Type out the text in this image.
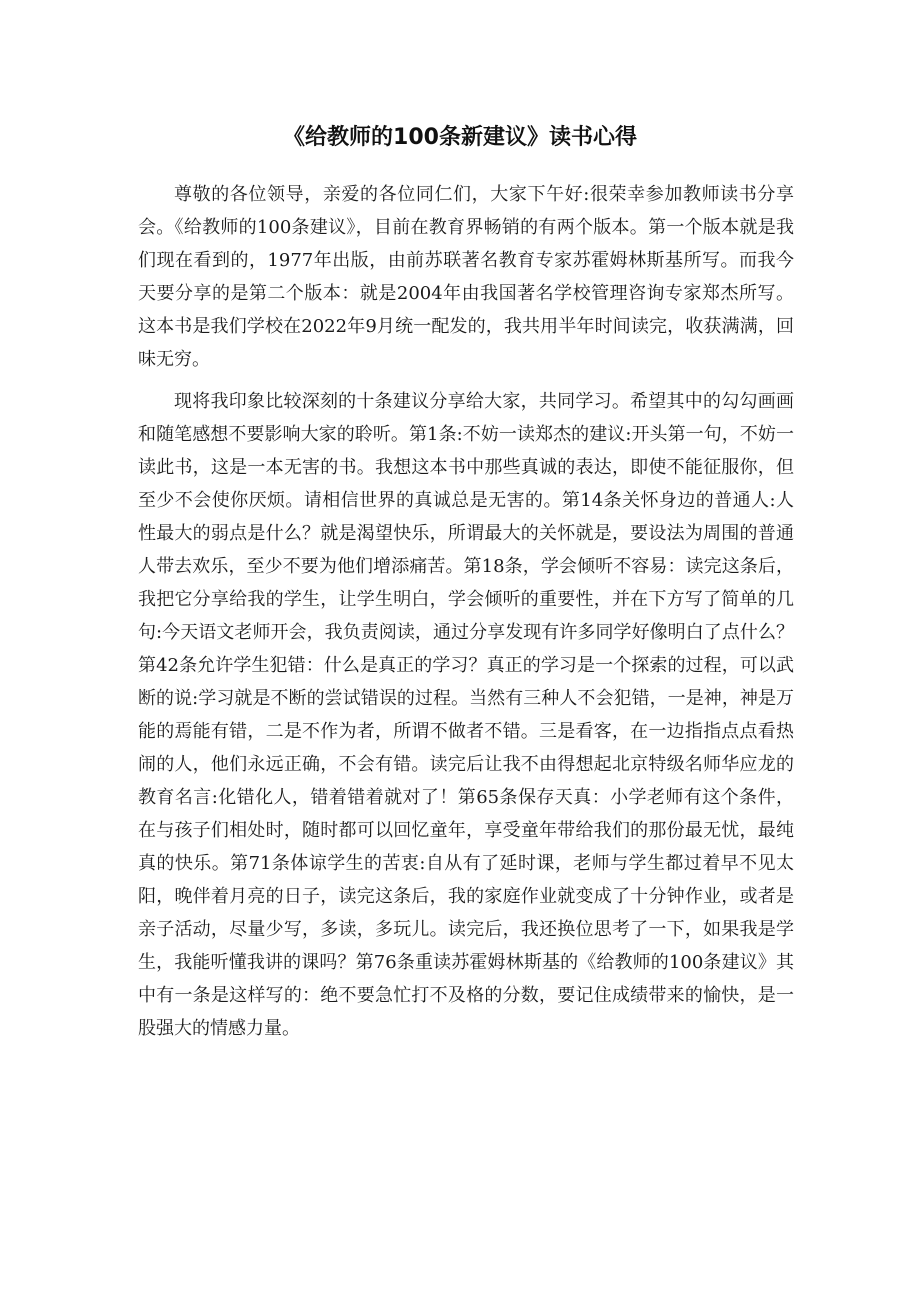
《给教师的100条新建议》读书心得

尊敬的各位领导，亲爱的各位同仁们，大家下午好:很荣幸参加教师读书分享会。《给教师的100条建议》，目前在教育界畅销的有两个版本。第一个版本就是我们现在看到的，1977年出版，由前苏联著名教育专家苏霍姆林斯基所写。而我今天要分享的是第二个版本：就是2004年由我国著名学校管理咨询专家郑杰所写。这本书是我们学校在2022年9月统一配发的，我共用半年时间读完，收获满满，回味无穷。

现将我印象比较深刻的十条建议分享给大家，共同学习。希望其中的勾勾画画和随笔感想不要影响大家的聆听。第1条:不妨一读郑杰的建议:开头第一句，不妨一读此书，这是一本无害的书。我想这本书中那些真诚的表达，即使不能征服你，但至少不会使你厌烦。请相信世界的真诚总是无害的。第14条关怀身边的普通人:人性最大的弱点是什么？就是渴望快乐，所谓最大的关怀就是，要设法为周围的普通人带去欢乐，至少不要为他们增添痛苦。第18条，学会倾听不容易：读完这条后，我把它分享给我的学生，让学生明白，学会倾听的重要性，并在下方写了简单的几句:今天语文老师开会，我负责阅读，通过分享发现有许多同学好像明白了点什么？第42条允许学生犯错：什么是真正的学习？真正的学习是一个探索的过程，可以武断的说:学习就是不断的尝试错误的过程。当然有三种人不会犯错，一是神，神是万能的焉能有错，二是不作为者，所谓不做者不错。三是看客，在一边指指点点看热闹的人，他们永远正确，不会有错。读完后让我不由得想起北京特级名师华应龙的教育名言:化错化人，错着错着就对了！第65条保存天真：小学老师有这个条件，在与孩子们相处时，随时都可以回忆童年，享受童年带给我们的那份最无忧，最纯真的快乐。第71条体谅学生的苦衷:自从有了延时课，老师与学生都过着早不见太阳，晚伴着月亮的日子，读完这条后，我的家庭作业就变成了十分钟作业，或者是亲子活动，尽量少写，多读，多玩儿。读完后，我还换位思考了一下，如果我是学生，我能听懂我讲的课吗？第76条重读苏霍姆林斯基的《给教师的100条建议》其中有一条是这样写的：绝不要急忙打不及格的分数，要记住成绩带来的愉快，是一股强大的情感力量。
